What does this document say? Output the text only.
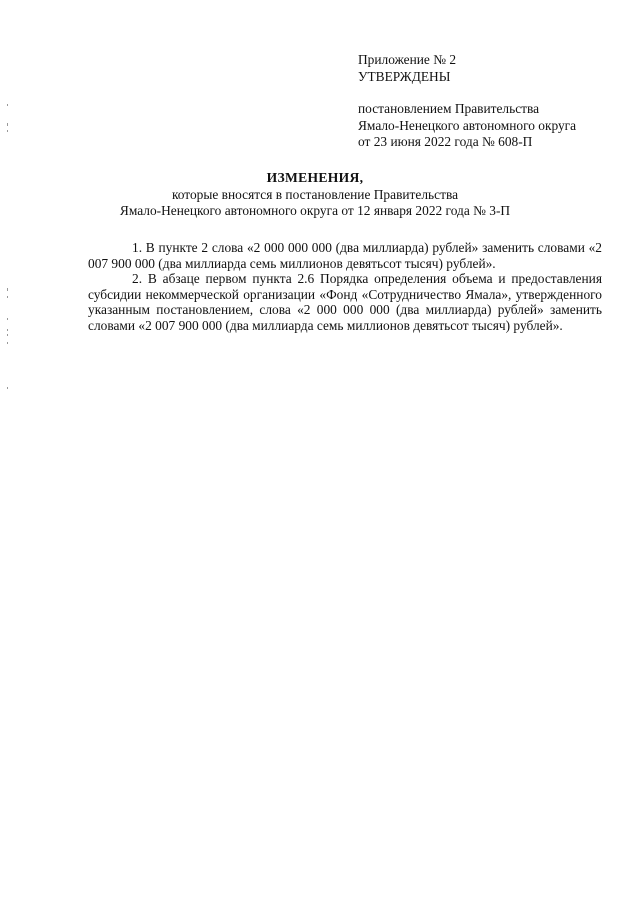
Приложение № 2
УТВЕРЖДЕНЫ
постановлением Правительства
Ямало-Ненецкого автономного округа
от 23 июня 2022 года № 608-П
ИЗМЕНЕНИЯ,
которые вносятся в постановление Правительства
Ямало-Ненецкого автономного округа от 12 января 2022 года № 3-П

1. В пункте 2 слова «2 000 000 000 (два миллиарда) рублей» заменить словами «2 007 900 000 (два миллиарда семь миллионов девятьсот тысяч) рублей».

2. В абзаце первом пункта 2.6 Порядка определения объема и предоставления субсидии некоммерческой организации «Фонд «Сотрудничество Ямала», утвержденного указанным постановлением, слова «2 000 000 000 (два миллиарда) рублей» заменить словами «2 007 900 000 (два миллиарда семь миллионов девятьсот тысяч) рублей».
